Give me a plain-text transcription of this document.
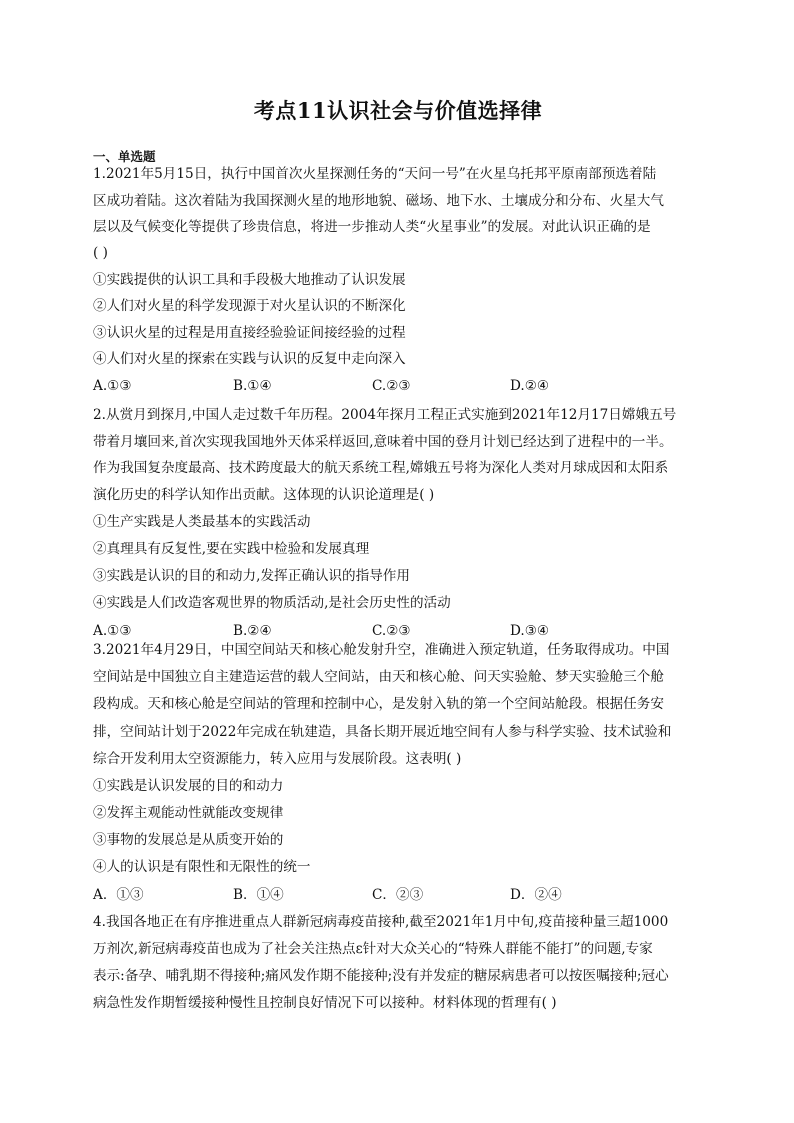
考点11认识社会与价值选择律
一、单选题
1.2021年5月15日，执行中国首次火星探测任务的“天问一号”在火星乌托邦平原南部预选着陆
区成功着陆。这次着陆为我国探测火星的地形地貌、磁场、地下水、土壤成分和分布、火星大气
层以及气候变化等提供了珍贵信息，将进一步推动人类“火星事业”的发展。对此认识正确的是
( )
①实践提供的认识工具和手段极大地推动了认识发展
②人们对火星的科学发现源于对火星认识的不断深化
③认识火星的过程是用直接经验验证间接经验的过程
④人们对火星的探索在实践与认识的反复中走向深入
A.①③	B.①④	C.②③	D.②④
2.从赏月到探月,中国人走过数千年历程。2004年探月工程正式实施到2021年12月17日嫦娥五号
带着月壤回来,首次实现我国地外天体采样返回,意味着中国的登月计划已经达到了进程中的一半。
作为我国复杂度最高、技术跨度最大的航天系统工程,嫦娥五号将为深化人类对月球成因和太阳系
演化历史的科学认知作出贡献。这体现的认识论道理是( )
①生产实践是人类最基本的实践活动
②真理具有反复性,要在实践中检验和发展真理
③实践是认识的目的和动力,发挥正确认识的指导作用
④实践是人们改造客观世界的物质活动,是社会历史性的活动
A.①③	B.②④	C.②③	D.③④
3.2021年4月29日，中国空间站天和核心舱发射升空，准确进入预定轨道，任务取得成功。中国
空间站是中国独立自主建造运营的载人空间站，由天和核心舱、问天实验舱、梦天实验舱三个舱
段构成。天和核心舱是空间站的管理和控制中心，是发射入轨的第一个空间站舱段。根据任务安
排，空间站计划于2022年完成在轨建造，具备长期开展近地空间有人参与科学实验、技术试验和
综合开发利用太空资源能力，转入应用与发展阶段。这表明( )
①实践是认识发展的目的和动力
②发挥主观能动性就能改变规律
③事物的发展总是从质变开始的
④人的认识是有限性和无限性的统一
A．①③	B．①④	C．②③	D．②④
4.我国各地正在有序推进重点人群新冠病毒疫苗接种,截至2021年1月中旬,疫苗接种量三超1000
万剂次,新冠病毒疫苗也成为了社会关注热点ε针对大众关心的“特殊人群能不能打”的问题,专家
表示:备孕、哺乳期不得接种;痛风发作期不能接种;没有并发症的糖尿病患者可以按医嘱接种;冠心
病急性发作期暂缓接种慢性且控制良好情况下可以接种。材料体现的哲理有( )
